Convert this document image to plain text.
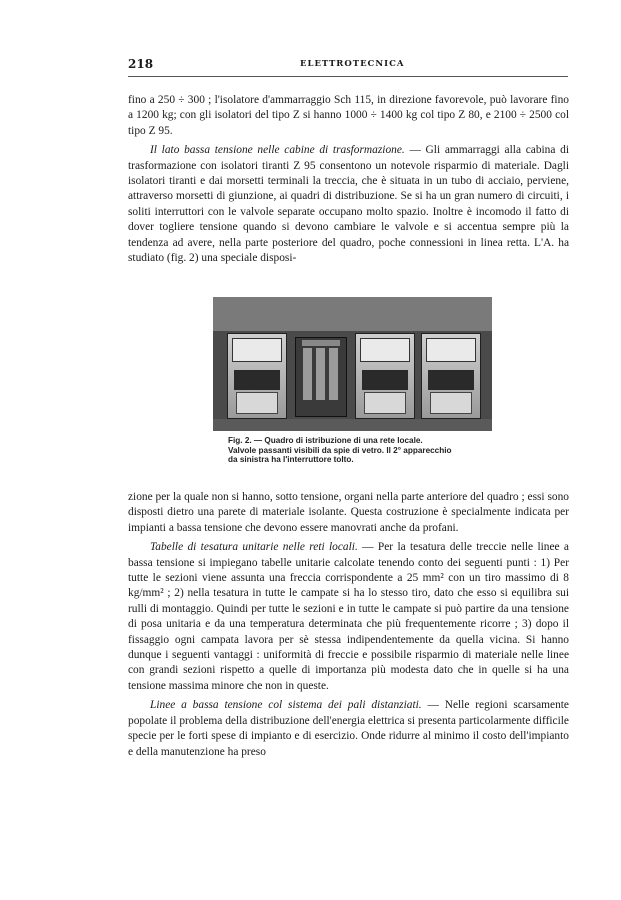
218	ELETTROTECNICA

fino a 250 ÷ 300 ; l'isolatore d'ammarraggio Sch 115, in direzione favorevole, può lavorare fino a 1200 kg; con gli isolatori del tipo Z si hanno 1000 ÷ 1400 kg col tipo Z 80, e 2100 ÷ 2500 col tipo Z 95.

Il lato bassa tensione nelle cabine di trasformazione. — Gli ammarraggi alla cabina di trasformazione con isolatori tiranti Z 95 consentono un notevole risparmio di materiale. Dagli isolatori tiranti e dai morsetti terminali la treccia, che è situata in un tubo di acciaio, perviene, attraverso morsetti di giunzione, ai quadri di distribuzione. Se si ha un gran numero di circuiti, i soliti interruttori con le valvole separate occupano molto spazio. Inoltre è incomodo il fatto di dover togliere tensione quando si devono cambiare le valvole e si accentua sempre più la tendenza ad avere, nella parte posteriore del quadro, poche connessioni in linea retta. L'A. ha studiato (fig. 2) una speciale disposi-

Fig. 2. — Quadro di istribuzione di una rete locale.
Valvole passanti visibili da spie di vetro. Il 2° apparecchio
da sinistra ha l'interruttore tolto.

zione per la quale non si hanno, sotto tensione, organi nella parte anteriore del quadro ; essi sono disposti dietro una parete di materiale isolante. Questa costruzione è specialmente indicata per impianti a bassa tensione che devono essere manovrati anche da profani.

Tabelle di tesatura unitarie nelle reti locali. — Per la tesatura delle treccie nelle linee a bassa tensione si impiegano tabelle unitarie calcolate tenendo conto dei seguenti punti : 1) Per tutte le sezioni viene assunta una freccia corrispondente a 25 mm² con un tiro massimo di 8 kg/mm² ; 2) nella tesatura in tutte le campate si ha lo stesso tiro, dato che esso si equilibra sui rulli di montaggio. Quindi per tutte le sezioni e in tutte le campate si può partire da una tensione di posa unitaria e da una temperatura determinata che più frequentemente ricorre ; 3) dopo il fissaggio ogni campata lavora per sè stessa indipendentemente da quella vicina. Si hanno dunque i seguenti vantaggi : uniformità di freccie e possibile risparmio di materiale nelle linee con grandi sezioni rispetto a quelle di importanza più modesta dato che in quelle si ha una tensione massima minore che non in queste.

Linee a bassa tensione col sistema dei pali distanziati. — Nelle regioni scarsamente popolate il problema della distribuzione dell'energia elettrica si presenta particolarmente difficile specie per le forti spese di impianto e di esercizio. Onde ridurre al minimo il costo dell'impianto e della manutenzione ha preso
